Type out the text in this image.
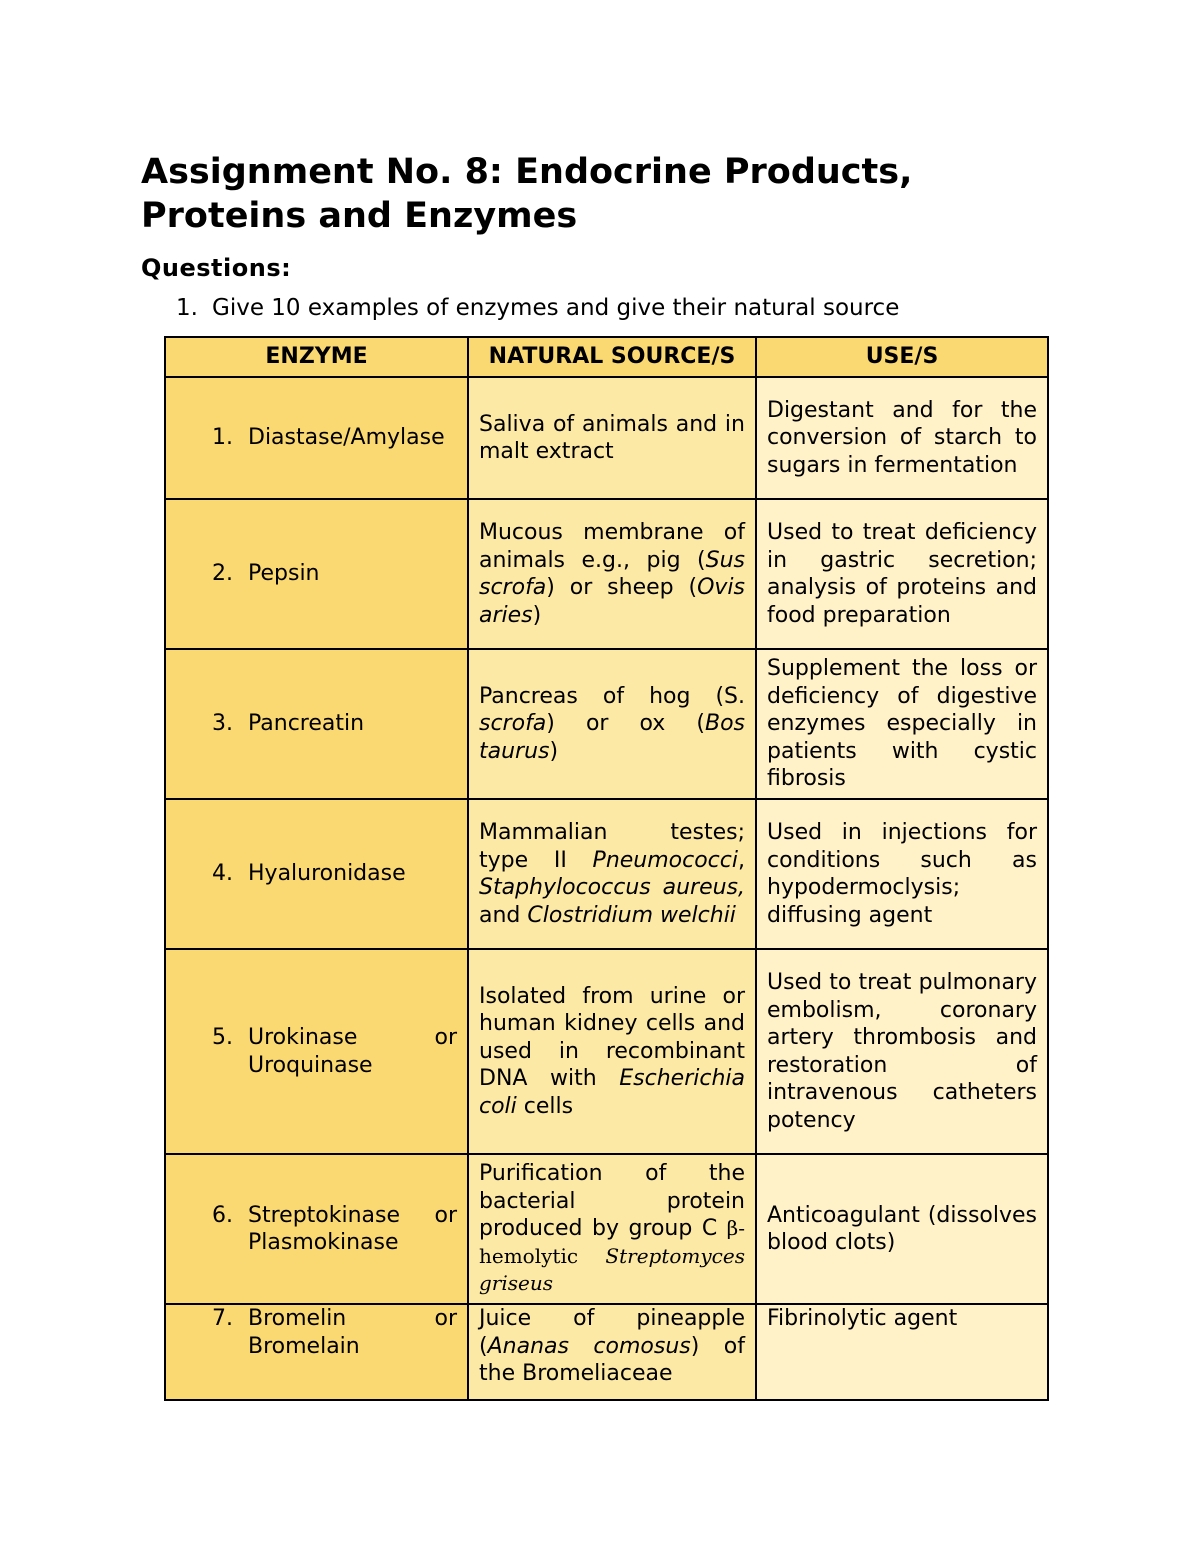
Assignment No. 8: Endocrine Products,
Proteins and Enzymes

Questions:

1. Give 10 examples of enzymes and give their natural source

ENZYME	NATURAL SOURCE/S	USE/S

1. Diastase/Amylase	Saliva of animals and in malt extract	Digestant and for the conversion of starch to sugars in fermentation

2. Pepsin	Mucous membrane of animals e.g., pig (Sus scrofa) or sheep (Ovis aries)	Used to treat deficiency in gastric secretion; analysis of proteins and food preparation

3. Pancreatin	Pancreas of hog (S. scrofa) or ox (Bos taurus)	Supplement the loss or deficiency of digestive enzymes especially in patients with cystic fibrosis

4. Hyaluronidase	Mammalian testes; type II Pneumococci, Staphylococcus aureus, and Clostridium welchii	Used in injections for conditions such as hypodermoclysis; diffusing agent

5. Urokinase or Uroquinase	Isolated from urine or human kidney cells and used in recombinant DNA with Escherichia coli cells	Used to treat pulmonary embolism, coronary artery thrombosis and restoration of intravenous catheters potency

6. Streptokinase or Plasmokinase	Purification of the bacterial protein produced by group C β-hemolytic Streptomyces griseus	Anticoagulant (dissolves blood clots)

7. Bromelin or Bromelain	Juice of pineapple (Ananas comosus) of the Bromeliaceae	Fibrinolytic agent
